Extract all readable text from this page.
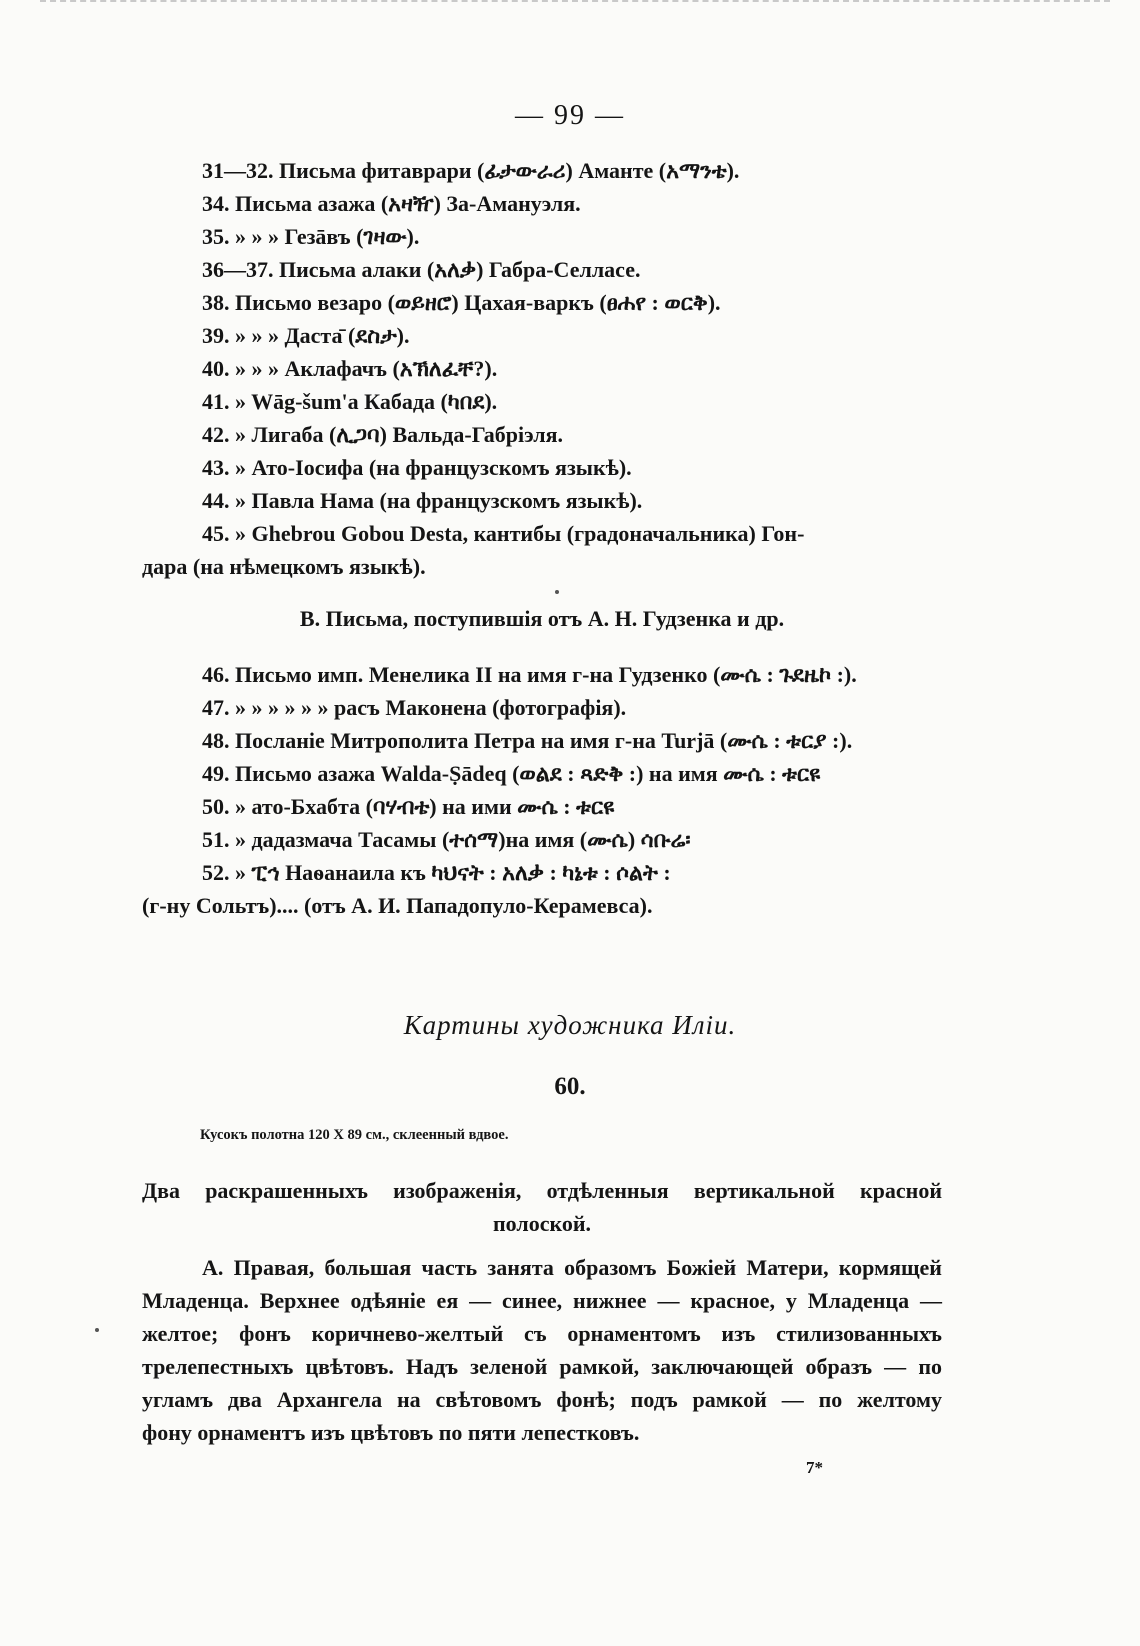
— 99 —
31—32. Письма фитаврари (ፊታውራሪ) Аманте (አማንቴ).
34. Письма азажа (አዛዥ) За-Амануэля.
35. » » » Гезāвъ (ገዛው).
36—37. Письма алаки (አለቃ) Габра-Селласе.
38. Письмо везаро (ወይዘሮ) Цахая-варкъ (ፀሐየ : ወርቅ).
39. » » » Даста̄ (ደስታ).
40. » » » Аклафачъ (አኽለፈቸ?).
41. » Wāg-šum'a Кабада (ካበደ).
42. » Лигаба (ሊጋባ) Вальда-Габріэля.
43. » Ато-Іосифа (на французскомъ языкѣ).
44. » Павла Нама (на французскомъ языкѣ).
45. » Ghebrou Gobou Desta, кантибы (градоначальника) Гон-
дара (на нѣмецкомъ языкѣ).
В. Письма, поступившія отъ А. Н. Гудзенка и др.
46. Письмо имп. Менелика II на имя г-на Гудзенко (ሙሴ : ጉደዜኮ :).
47. » » » » » » расъ Маконена (фотографія).
48. Посланіе Митрополита Петра на имя г-на Turjā (ሙሴ : ቱርያ :).
49. Письмо азажа Walda-Ṣādeq (ወልደ : ጻድቅ :) на имя ሙሴ : ቱርዩ
50. » ато-Бхабта (ባሃብቴ) на ими ሙሴ : ቱርዩ
51. » дадазмача Тасамы (ተሰማ)на имя (ሙሴ) ሳቡሬ፡
52. » ፒኅ Наѳанаила къ ካህናት : አለቃ : ካኔቱ : ሶልት :
(г-ну Сольтъ).... (отъ А. И. Пападопуло-Керамевса).
Картины художника Иліи.
60.
Кусокъ полотна 120 X 89 см., склеенный вдвое.
Два раскрашенныхъ изображенія, отдѣленныя вертикальной красной
полоской.
А. Правая, большая часть занята образомъ Божіей Матери, кормящей
Младенца. Верхнее одѣяніе ея — синее, нижнее — красное, у Младенца —
желтое; фонъ коричнево-желтый съ орнаментомъ изъ стилизованныхъ
трелепестныхъ цвѣтовъ. Надъ зеленой рамкой, заключающей образъ — по
угламъ два Архангела на свѣтовомъ фонѣ; подъ рамкой — по желтому
фону орнаментъ изъ цвѣтовъ по пяти лепестковъ.
7*
